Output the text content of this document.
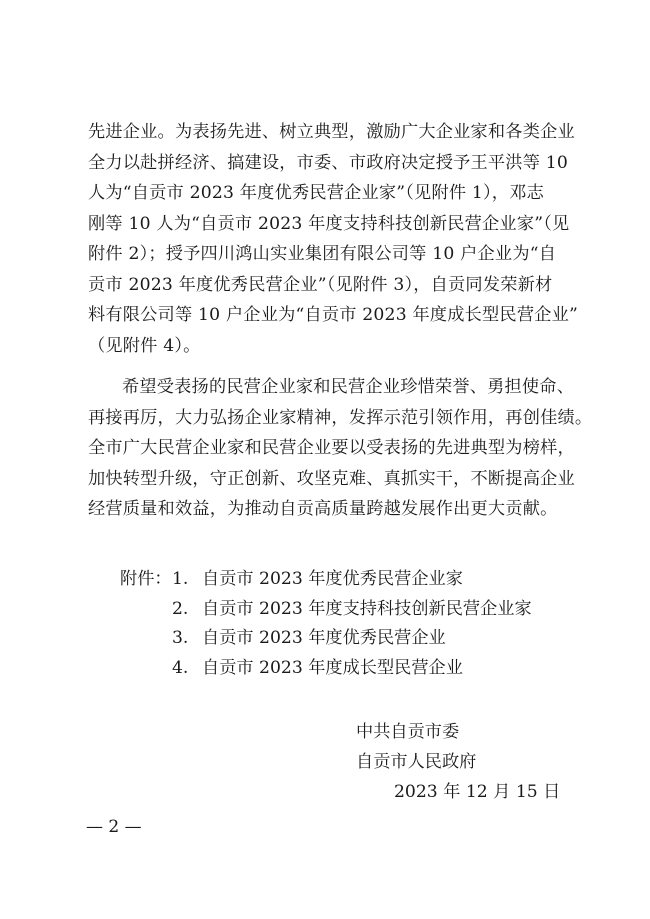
先进企业。为表扬先进、树立典型，激励广大企业家和各类企业
全力以赴拼经济、搞建设，市委、市政府决定授予王平洪等 10
人为“自贡市 2023 年度优秀民营企业家”（见附件 1），邓志
刚等 10 人为“自贡市 2023 年度支持科技创新民营企业家”（见
附件 2）；授予四川鸿山实业集团有限公司等 10 户企业为“自
贡市 2023 年度优秀民营企业”（见附件 3），自贡同发荣新材
料有限公司等 10 户企业为“自贡市 2023 年度成长型民营企业”
（见附件 4）。
希望受表扬的民营企业家和民营企业珍惜荣誉、勇担使命、
再接再厉，大力弘扬企业家精神，发挥示范引领作用，再创佳绩。
全市广大民营企业家和民营企业要以受表扬的先进典型为榜样，
加快转型升级，守正创新、攻坚克难、真抓实干，不断提高企业
经营质量和效益，为推动自贡高质量跨越发展作出更大贡献。
附件：1. 自贡市 2023 年度优秀民营企业家
2. 自贡市 2023 年度支持科技创新民营企业家
3. 自贡市 2023 年度优秀民营企业
4. 自贡市 2023 年度成长型民营企业
中共自贡市委
自贡市人民政府
2023 年 12 月 15 日
— 2 —
